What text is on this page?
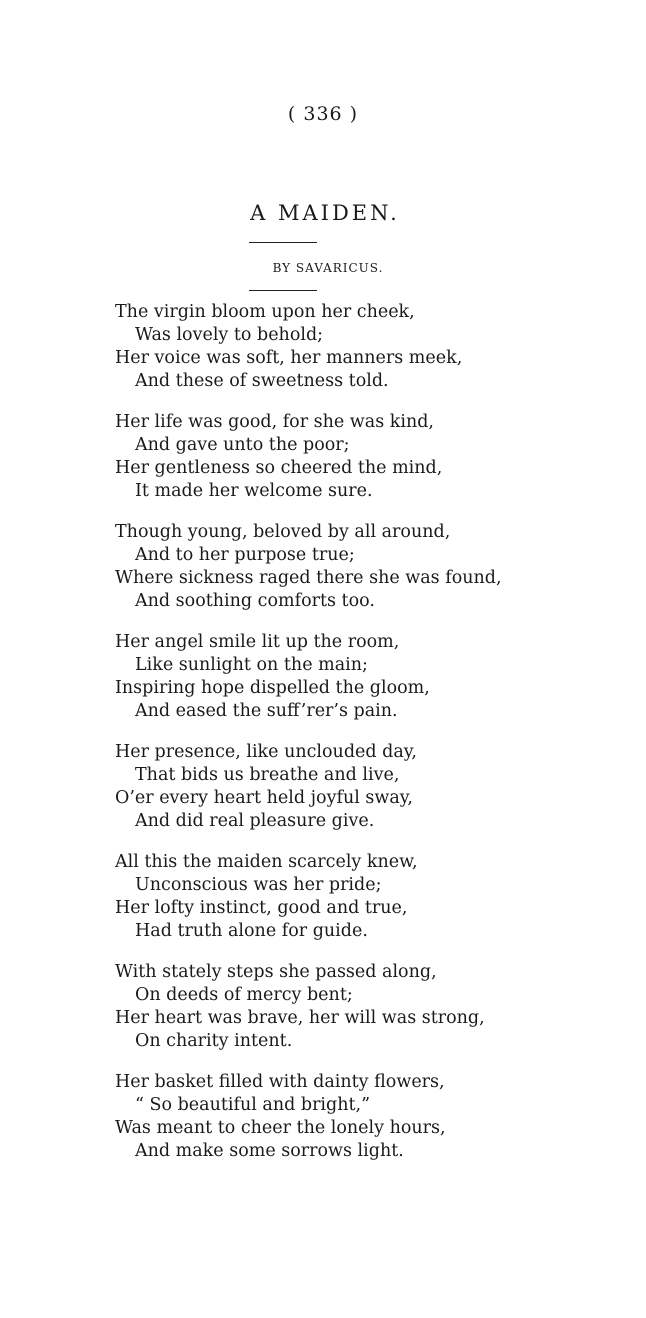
( 336 )
A MAIDEN.
BY SAVARICUS.
The virgin bloom upon her cheek,
Was lovely to behold;
Her voice was soft, her manners meek,
And these of sweetness told.
Her life was good, for she was kind,
And gave unto the poor;
Her gentleness so cheered the mind,
It made her welcome sure.
Though young, beloved by all around,
And to her purpose true;
Where sickness raged there she was found,
And soothing comforts too.
Her angel smile lit up the room,
Like sunlight on the main;
Inspiring hope dispelled the gloom,
And eased the suff’rer’s pain.
Her presence, like unclouded day,
That bids us breathe and live,
O’er every heart held joyful sway,
And did real pleasure give.
All this the maiden scarcely knew,
Unconscious was her pride;
Her lofty instinct, good and true,
Had truth alone for guide.
With stately steps she passed along,
On deeds of mercy bent;
Her heart was brave, her will was strong,
On charity intent.
Her basket filled with dainty flowers,
“ So beautiful and bright,”
Was meant to cheer the lonely hours,
And make some sorrows light.
